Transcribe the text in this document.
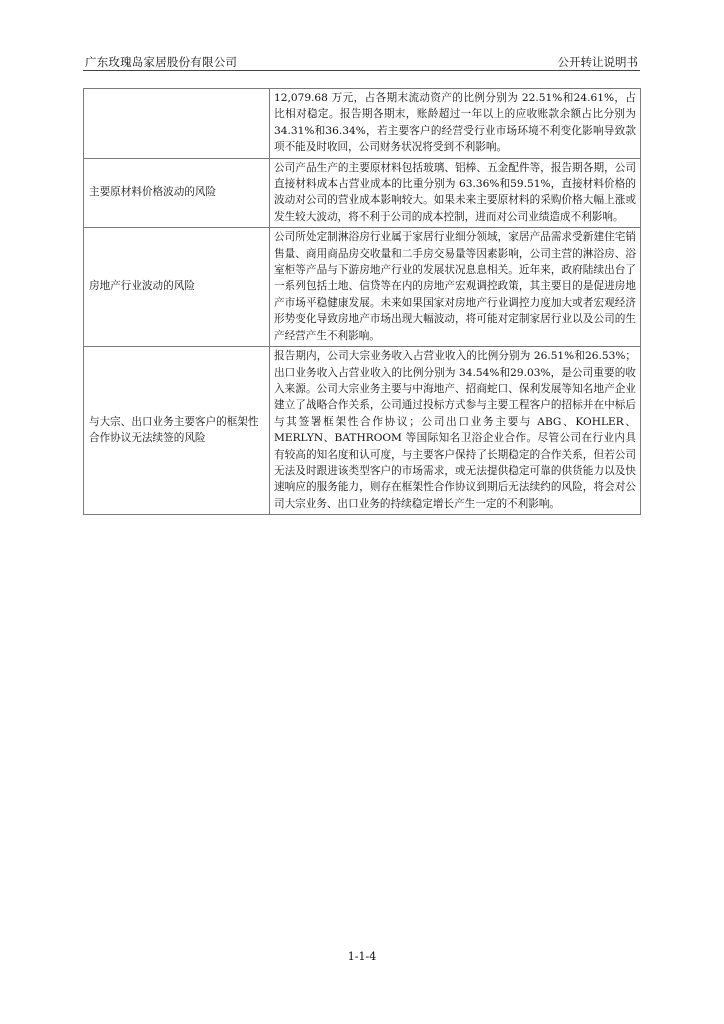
广东玫瑰岛家居股份有限公司	公开转让说明书
	12,079.68 万元，占各期末流动资产的比例分别为 22.51%和24.61%，占比相对稳定。报告期各期末，账龄超过一年以上的应收账款余额占比分别为34.31%和36.34%，若主要客户的经营受行业市场环境不利变化影响导致款项不能及时收回，公司财务状况将受到不利影响。
主要原材料价格波动的风险	公司产品生产的主要原材料包括玻璃、铝棒、五金配件等，报告期各期，公司直接材料成本占营业成本的比重分别为 63.36%和59.51%，直接材料价格的波动对公司的营业成本影响较大。如果未来主要原材料的采购价格大幅上涨或发生较大波动，将不利于公司的成本控制，进而对公司业绩造成不利影响。
房地产行业波动的风险	公司所处定制淋浴房行业属于家居行业细分领域，家居产品需求受新建住宅销售量、商用商品房交收量和二手房交易量等因素影响，公司主营的淋浴房、浴室柜等产品与下游房地产行业的发展状况息息相关。近年来，政府陆续出台了一系列包括土地、信贷等在内的房地产宏观调控政策，其主要目的是促进房地产市场平稳健康发展。未来如果国家对房地产行业调控力度加大或者宏观经济形势变化导致房地产市场出现大幅波动，将可能对定制家居行业以及公司的生产经营产生不利影响。
与大宗、出口业务主要客户的框架性合作协议无法续签的风险	报告期内，公司大宗业务收入占营业收入的比例分别为 26.51%和26.53%；出口业务收入占营业收入的比例分别为 34.54%和29.03%，是公司重要的收入来源。公司大宗业务主要与中海地产、招商蛇口、保利发展等知名地产企业建立了战略合作关系，公司通过投标方式参与主要工程客户的招标并在中标后与其签署框架性合作协议；公司出口业务主要与 ABG、KOHLER、MERLYN、BATHROOM 等国际知名卫浴企业合作。尽管公司在行业内具有较高的知名度和认可度，与主要客户保持了长期稳定的合作关系，但若公司无法及时跟进该类型客户的市场需求，或无法提供稳定可靠的供货能力以及快速响应的服务能力，则存在框架性合作协议到期后无法续约的风险，将会对公司大宗业务、出口业务的持续稳定增长产生一定的不利影响。
1-1-4
